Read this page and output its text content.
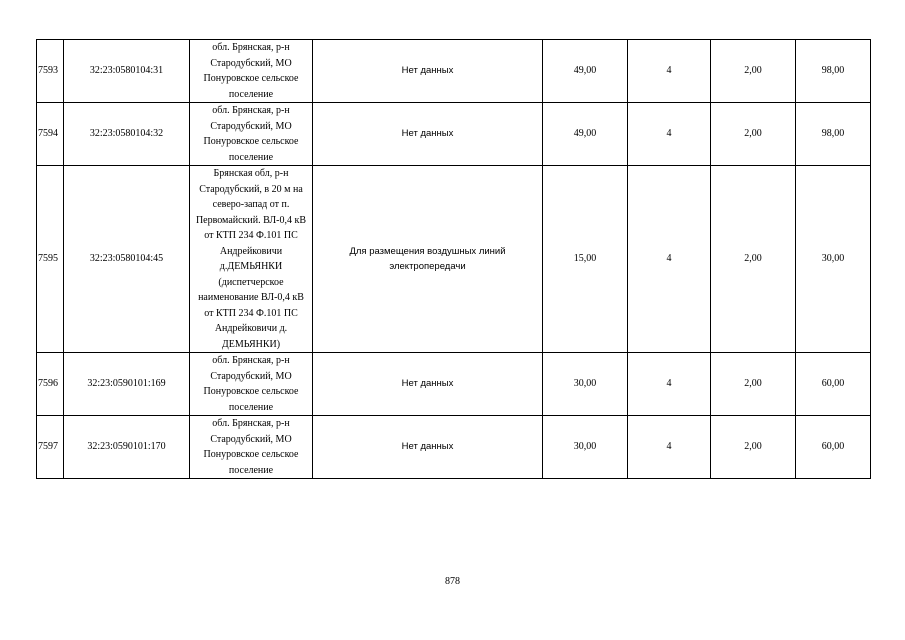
7593	32:23:0580104:31	обл. Брянская, р-н Стародубский, МО Понуровское сельское поселение	Нет данных	49,00	4	2,00	98,00
7594	32:23:0580104:32	обл. Брянская, р-н Стародубский, МО Понуровское сельское поселение	Нет данных	49,00	4	2,00	98,00
7595	32:23:0580104:45	Брянская обл, р-н Стародубский, в 20 м на северо-запад от п. Первомайский. ВЛ-0,4 кВ от КТП 234 Ф.101 ПС Андрейковичи д.ДЕМЬЯНКИ (диспетчерское наименование ВЛ-0,4 кВ от КТП 234 Ф.101 ПС Андрейковичи д. ДЕМЬЯНКИ)	Для размещения воздушных линий электропередачи	15,00	4	2,00	30,00
7596	32:23:0590101:169	обл. Брянская, р-н Стародубский, МО Понуровское сельское поселение	Нет данных	30,00	4	2,00	60,00
7597	32:23:0590101:170	обл. Брянская, р-н Стародубский, МО Понуровское сельское поселение	Нет данных	30,00	4	2,00	60,00
878
